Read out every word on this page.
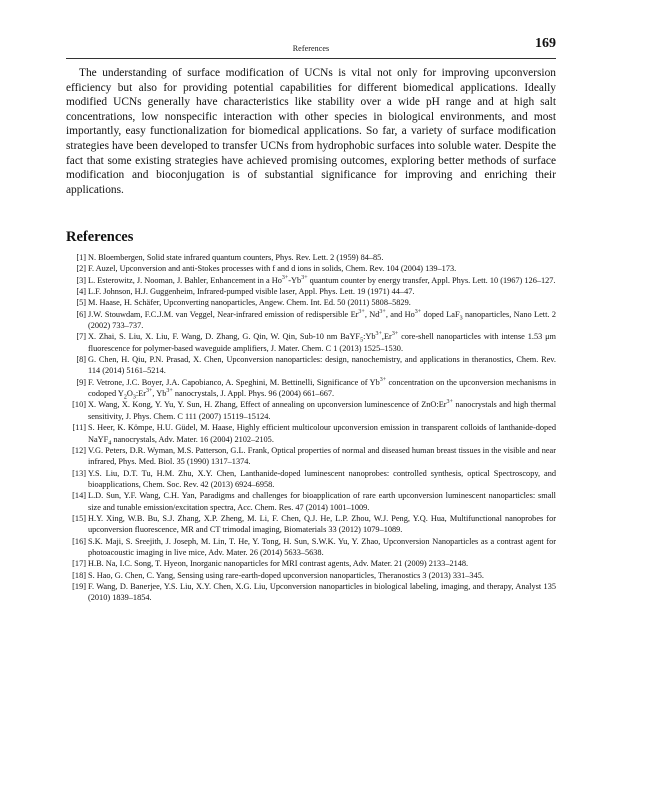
References	169

The understanding of surface modification of UCNs is vital not only for improving upconversion efficiency but also for providing potential capabilities for different biomedical applications. Ideally modified UCNs generally have characteristics like stability over a wide pH range and at high salt concentrations, low nonspecific interaction with other species in biological environments, and most importantly, easy functionalization for biomedical applications. So far, a variety of surface modification strategies have been developed to transfer UCNs from hydrophobic surfaces into soluble water. Despite the fact that some existing strategies have achieved promising outcomes, exploring better methods of surface modification and bioconjugation is of substantial significance for improving and enriching their applications.

References
[1] N. Bloembergen, Solid state infrared quantum counters, Phys. Rev. Lett. 2 (1959) 84–85.
[2] F. Auzel, Upconversion and anti-Stokes processes with f and d ions in solids, Chem. Rev. 104 (2004) 139–173.
[3] L. Esterowitz, J. Nooman, J. Bahler, Enhancement in a $Ho^{3+}-Yb^{3+}$ quantum counter by energy transfer, Appl. Phys. Lett. 10 (1967) 126–127.
[4] L.F. Johnson, H.J. Guggenheim, Infrared-pumped visible laser, Appl. Phys. Lett. 19 (1971) 44–47.
[5] M. Haase, H. Schäfer, Upconverting nanoparticles, Angew. Chem. Int. Ed. 50 (2011) 5808–5829.
[6] J.W. Stouwdam, F.C.J.M. van Veggel, Near-infrared emission of redispersible $Er^{3+}$, $Nd^{3+}$, and $Ho^{3+}$ doped LaF$_3$ nanoparticles, Nano Lett. 2 (2002) 733–737.
[7] X. Zhai, S. Liu, X. Liu, F. Wang, D. Zhang, G. Qin, W. Qin, Sub-10 nm $BaYF_5:Yb^{3+},Er^{3+}$ core-shell nanoparticles with intense 1.53 μm fluorescence for polymer-based waveguide amplifiers, J. Mater. Chem. C 1 (2013) 1525–1530.
[8] G. Chen, H. Qiu, P.N. Prasad, X. Chen, Upconversion nanoparticles: design, nanochemistry, and applications in theranostics, Chem. Rev. 114 (2014) 5161–5214.
[9] F. Vetrone, J.C. Boyer, J.A. Capobianco, A. Speghini, M. Bettinelli, Significance of $Yb^{3+}$ concentration on the upconversion mechanisms in codoped $Y_2O_3:Er^{3+}$, $Yb^{3+}$ nanocrystals, J. Appl. Phys. 96 (2004) 661–667.
[10] X. Wang, X. Kong, Y. Yu, Y. Sun, H. Zhang, Effect of annealing on upconversion luminescence of $ZnO:Er^{3+}$ nanocrystals and high thermal sensitivity, J. Phys. Chem. C 111 (2007) 15119–15124.
[11] S. Heer, K. Kömpe, H.U. Güdel, M. Haase, Highly efficient multicolour upconversion emission in transparent colloids of lanthanide-doped NaYF$_4$ nanocrystals, Adv. Mater. 16 (2004) 2102–2105.
[12] V.G. Peters, D.R. Wyman, M.S. Patterson, G.L. Frank, Optical properties of normal and diseased human breast tissues in the visible and near infrared, Phys. Med. Biol. 35 (1990) 1317–1374.
[13] Y.S. Liu, D.T. Tu, H.M. Zhu, X.Y. Chen, Lanthanide-doped luminescent nanoprobes: controlled synthesis, optical Spectroscopy, and bioapplications, Chem. Soc. Rev. 42 (2013) 6924–6958.
[14] L.D. Sun, Y.F. Wang, C.H. Yan, Paradigms and challenges for bioapplication of rare earth upconversion luminescent nanoparticles: small size and tunable emission/excitation spectra, Acc. Chem. Res. 47 (2014) 1001–1009.
[15] H.Y. Xing, W.B. Bu, S.J. Zhang, X.P. Zheng, M. Li, F. Chen, Q.J. He, L.P. Zhou, W.J. Peng, Y.Q. Hua, Multifunctional nanoprobes for upconversion fluorescence, MR and CT trimodal imaging, Biomaterials 33 (2012) 1079–1089.
[16] S.K. Maji, S. Sreejith, J. Joseph, M. Lin, T. He, Y. Tong, H. Sun, S.W.K. Yu, Y. Zhao, Upconversion Nanoparticles as a contrast agent for photoacoustic imaging in live mice, Adv. Mater. 26 (2014) 5633–5638.
[17] H.B. Na, I.C. Song, T. Hyeon, Inorganic nanoparticles for MRI contrast agents, Adv. Mater. 21 (2009) 2133–2148.
[18] S. Hao, G. Chen, C. Yang, Sensing using rare-earth-doped upconversion nanoparticles, Theranostics 3 (2013) 331–345.
[19] F. Wang, D. Banerjee, Y.S. Liu, X.Y. Chen, X.G. Liu, Upconversion nanoparticles in biological labeling, imaging, and therapy, Analyst 135 (2010) 1839–1854.
